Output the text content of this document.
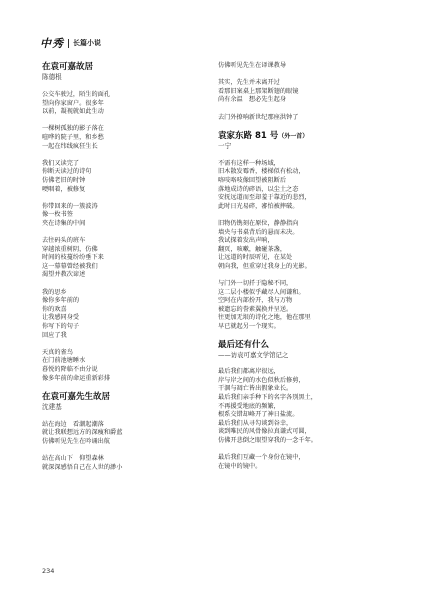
中秀 长篇小说
在袁可嘉故居
陈德根
公交车驶过，陌生的面孔
望向你家窗户。很多年
以前，凝视就如此生动
一棵树孤独的影子落在
喧哗的院子里，和乡愁
一起在纬线疯狂生长
我们又读完了
你断天读过的诗句
仿佛老旧的时钟
哽咽着，被修复
你带回来的一簇波涛
像一枚书签
夹在诗集的中间
去往码头的班车
穿越浓重树阴，仿佛
时间的枝蔓纷纷垂下来
这一幕幕曾经被我们
渴望并教次谛述
我的思乡
像你多年前的
你的欢喜
让我感同身受
你写下的句子
回应了我
天真的雀鸟
在门前池塘睡水
暮悦的降临不由分说
像多年前的命运重新彩排
在袁可嘉先生故居
沈建基
站在海边　看潮起潮落
就让我联想远方的深瘦和爵蓝
仿佛听见先生在吟诵出航
站在高山下　仰望森林
就深深感悟自己在人世的渺小
仿佛听见先生在译课教导
其实，先生并未离开过
看那旧案桌上那架断翅的眼镜
尚有余温　想必先生起身
去门外撩响新世纪那座洪钟了
袁家东路 81 号（外一首）
一宁
不需有这样一种场域，
旧木散发霉香，楼梯似有松动，
咯吱咯吱像回望被阻断后
落地成诗的碎语，以尘土之态
安抚远道而至却羞于靠近的悲烈，
此时日光易碎，審怕被摔破。
旧物仍镌刻在原位，静静指向
墙央与书桌背后的悬而未决。
我试探着发出声响，
翻页，咳嗽，触碰茶盏，
让远道的时辰听见，在某处
朝向我，但重穿过我身上的光影。
与门外一切扦于隐秘不同，
这二层小楼似乎藏尽人间谦和。
空阿在内部扮开，我与万物
被遗忘的誊素翼换并呈送。
往更加无垠的诗化之地，他在那里
早已就起另一个现实。
最后还有什么
——访袁可嘉文学馆记之
最后我们都离岸很远，
岸与岸之间的水色似秋后修剪，
干涸与凋亡皆出假象业长。
最后我们亲手种下的名字各别黑土，
不再援受地底的频繁，
根系交错却峰开了神日盐流。
最后我们从寻勾谈到谷幸，
谈到唯民的风骨像拉真谦式可圆，
仿佛开悲倒之眼望穿我的一念千年。
最后我们互藏一个身份在镜中，
在镜中的镜中。
234
